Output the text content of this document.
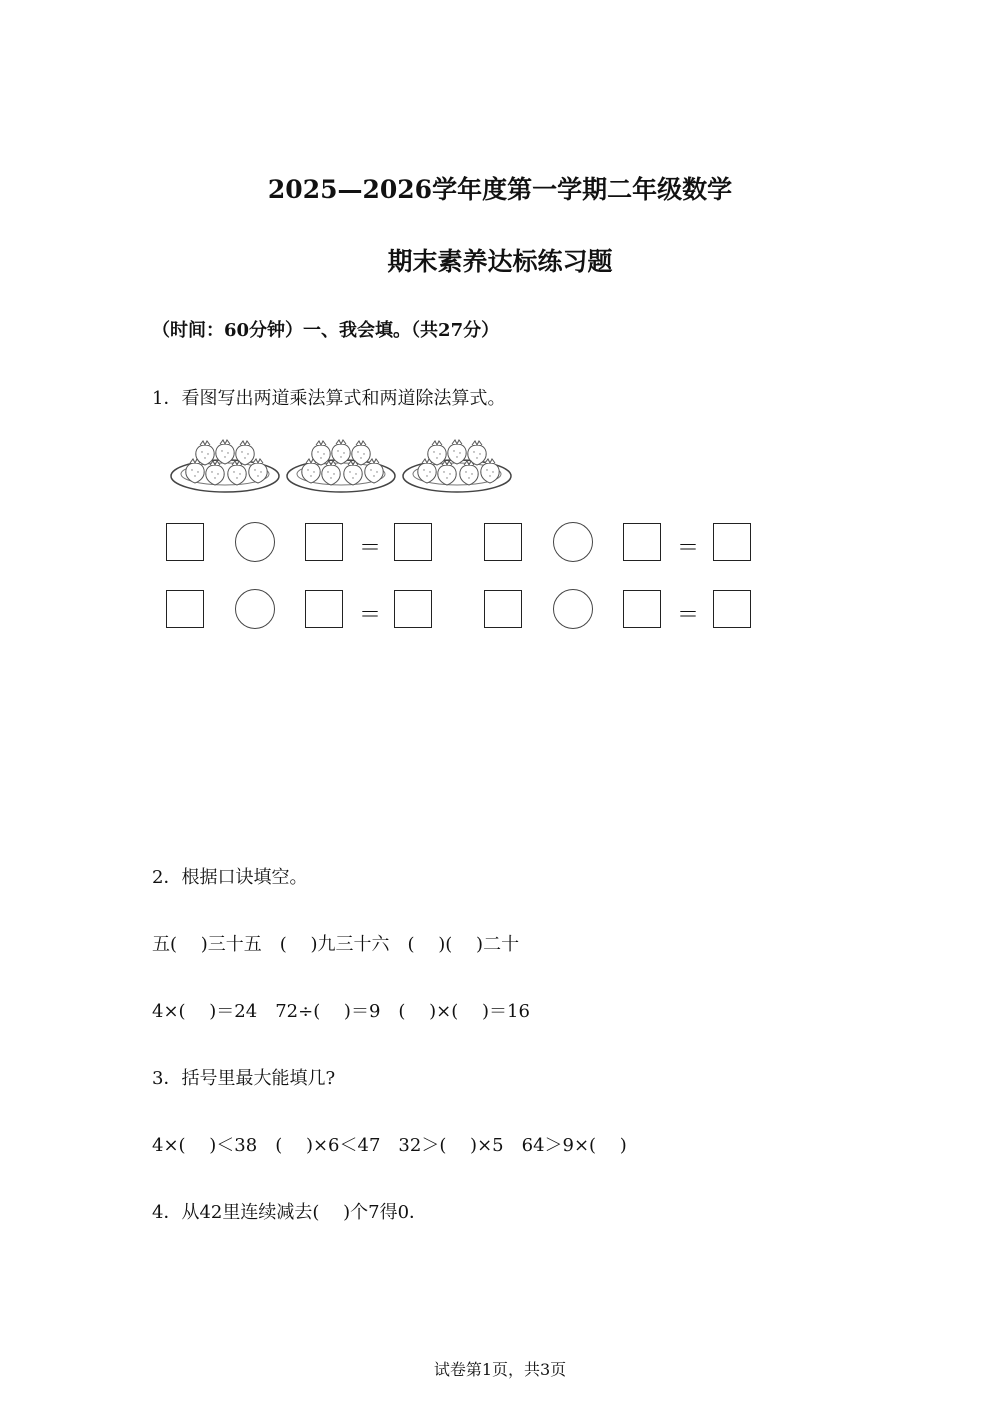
2025—2026学年度第一学期二年级数学
期末素养达标练习题
（时间：60分钟）一、我会填。（共27分）
1．看图写出两道乘法算式和两道除法算式。
＝	＝
＝	＝
2．根据口诀填空。
五(　 )三十五　(　 )九三十六　(　 )(　 )二十
4×(　 )＝24　72÷(　 )＝9　(　 )×(　 )＝16
3．括号里最大能填几?
4×(　 )＜38　(　 )×6＜47　32＞(　 )×5　64＞9×(　 )
4．从42里连续减去(　 )个7得0．
试卷第1页，共3页
